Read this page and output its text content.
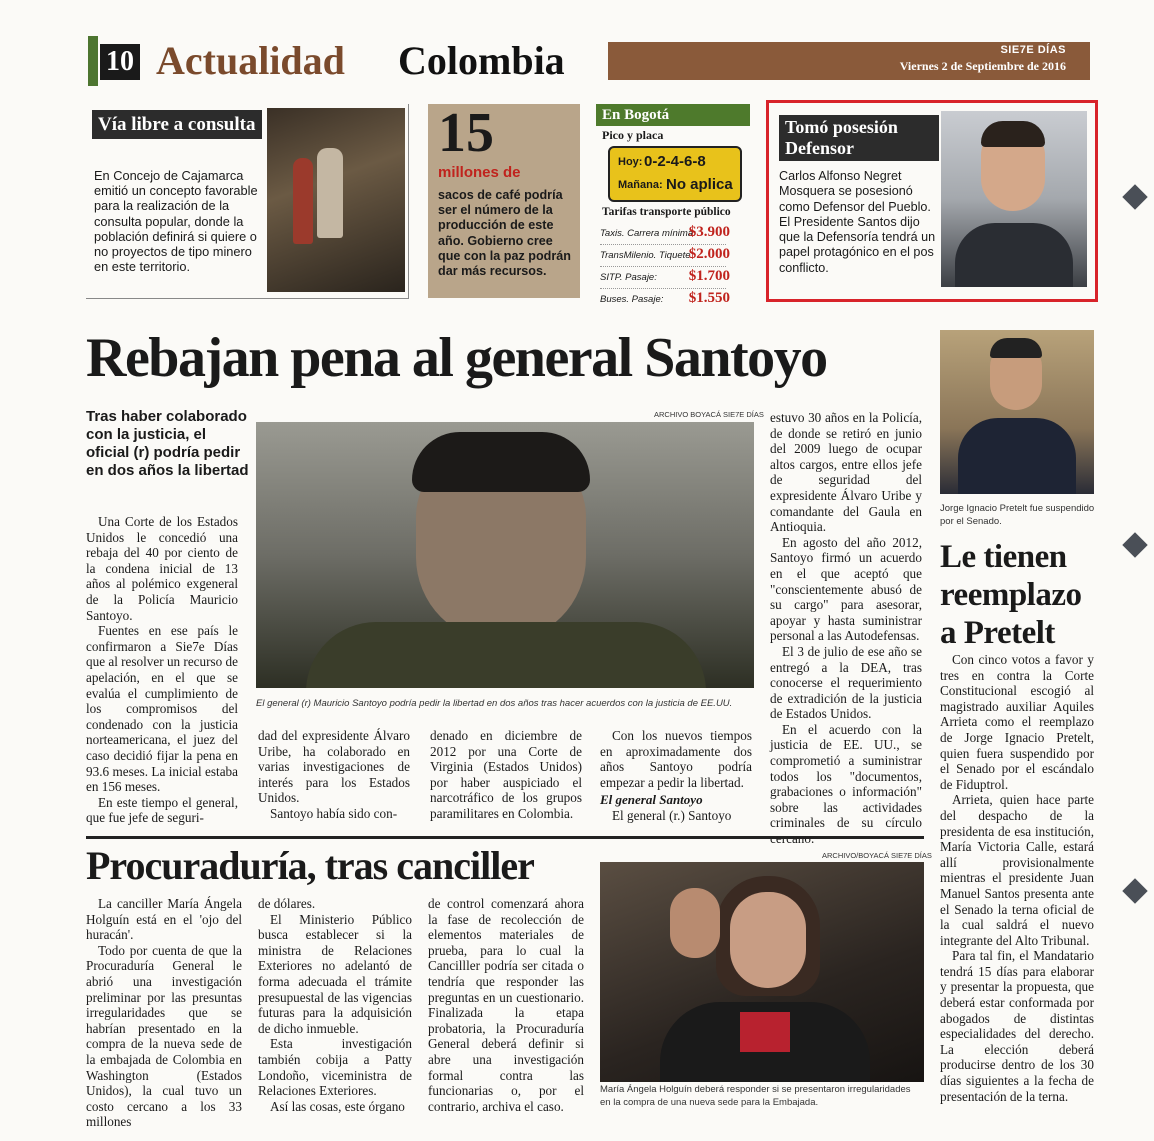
10 Actualidad Colombia	SIE7E DÍAS
Viernes 2 de Septiembre de 2016
Vía libre a consulta
En Concejo de Cajamarca emitió un concepto favorable para la realización de la consulta popular, donde la población definirá si quiere o no proyectos de tipo minero en este territorio.
15
millones de
sacos de café podría ser el número de la producción de este año. Gobierno cree que con la paz podrán dar más recursos.
En Bogotá
Pico y placa
Hoy: 0-2-4-6-8
Mañana: No aplica
Tarifas transporte público
Taxis. Carrera mínima:
$3.900
TransMilenio. Tiquete:
$2.000
SITP. Pasaje: $1.700
Buses. Pasaje: $1.550
Tomó posesión Defensor
Carlos Alfonso Negret Mosquera se posesionó como Defensor del Pueblo. El Presidente Santos dijo que la Defensoría tendrá un papel protagónico en el pos conflicto.
Rebajan pena al general Santoyo
Tras haber colaborado con la justicia, el oficial (r) podría pedir en dos años la libertad
ARCHIVO BOYACÁ SIE7E DÍAS
El general (r) Mauricio Santoyo podría pedir la libertad en dos años tras hacer acuerdos con la justicia de EE.UU.

Una Corte de los Estados Unidos le concedió una rebaja del 40 por ciento de la condena inicial de 13 años al polémico exgeneral de la Policía Mauricio Santoyo.

Fuentes en ese país le confirmaron a Sie7e Días que al resolver un recurso de apelación, en el que se evalúa el cumplimiento de los compromisos del condenado con la justicia norteamericana, el juez del caso decidió fijar la pena en 93.6 meses. La inicial estaba en 156 meses.

En este tiempo el general, que fue jefe de seguri-

dad del expresidente Álvaro Uribe, ha colaborado en varias investigaciones de interés para los Estados Unidos.

Santoyo había sido con-

denado en diciembre de 2012 por una Corte de Virginia (Estados Unidos) por haber auspiciado el narcotráfico de los grupos paramilitares en Colombia.

Con los nuevos tiempos en aproximadamente dos años Santoyo podría empezar a pedir la libertad.

El general Santoyo

El general (r.) Santoyo

estuvo 30 años en la Policía, de donde se retiró en junio del 2009 luego de ocupar altos cargos, entre ellos jefe de seguridad del expresidente Álvaro Uribe y comandante del Gaula en Antioquia.

En agosto del año 2012, Santoyo firmó un acuerdo en el que aceptó que "conscientemente abusó de su cargo" para asesorar, apoyar y hasta suministrar personal a las Autodefensas.

El 3 de julio de ese año se entregó a la DEA, tras conocerse el requerimiento de extradición de la justicia de Estados Unidos.

En el acuerdo con la justicia de EE. UU., se comprometió a suministrar todos los "documentos, grabaciones o información" sobre las actividades criminales de su círculo

Jorge Ignacio Pretelt fue suspendido por el Senado.
Le tienen reemplazo a Pretelt

Con cinco votos a favor y tres en contra la Corte Constitucional escogió al magistrado auxiliar Aquiles Arrieta como el reemplazo de Jorge Ignacio Pretelt, quien fuera suspendido por el Senado por el escándalo de Fiduptrol.

Arrieta, quien hace parte del despacho de la presidenta de esa institución, María Victoria Calle, estará allí provisionalmente mientras el presidente Juan Manuel Santos presenta ante el Senado la terna oficial de la cual saldrá el nuevo integrante del Alto Tribunal.

Para tal fin, el Mandatario tendrá 15 días para elaborar y presentar la propuesta, que deberá estar conformada por abogados de distintas especialidades del derecho. La elección deberá producirse dentro de los 30 días siguientes a la fecha de presentación de la terna.

Procuraduría, tras canciller

La canciller María Ángela Holguín está en el 'ojo del huracán'.

Todo por cuenta de que la Procuraduría General le abrió una investigación preliminar por las presuntas irregularidades que se habrían presentado en la compra de la nueva sede de la embajada de Colombia en Washington (Estados Unidos), la cual tuvo un costo cercano a los 33 millones

de dólares.

El Ministerio Público busca establecer si la ministra de Relaciones Exteriores no adelantó de forma adecuada el trámite presupuestal de las vigencias futuras para la adquisición de dicho inmueble.

Esta investigación también cobija a Patty Londoño, viceministra de Relaciones Exteriores.

Así las cosas, este órgano

de control comenzará ahora la fase de recolección de elementos materiales de prueba, para lo cual la Cancilller podría ser citada o tendría que responder las preguntas en un cuestionario. Finalizada la etapa probatoria, la Procuraduría General deberá definir si abre una investigación formal contra las funcionarias o, por el contrario, archiva el caso.

ARCHIVO/BOYACÁ SIE7E DÍAS
María Ángela Holguín deberá responder si se presentaron irregularidades en la compra de una nueva sede para la Embajada.
